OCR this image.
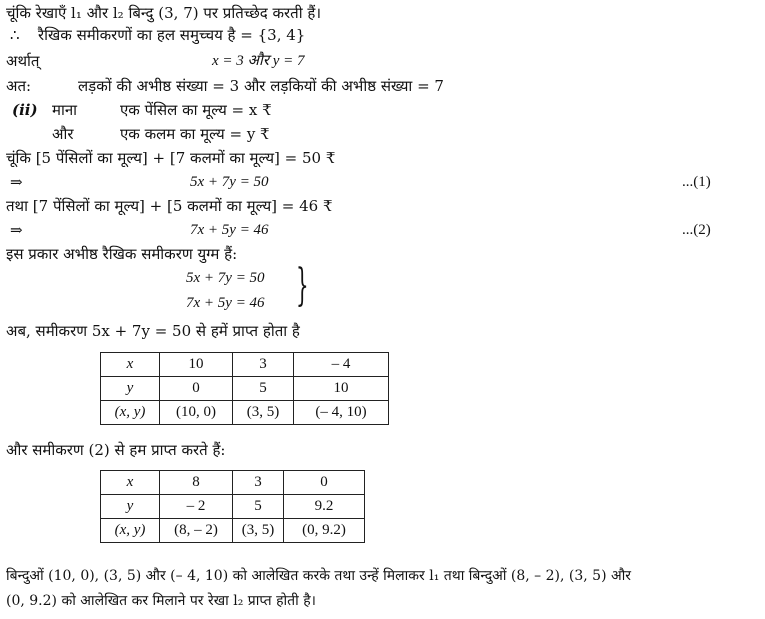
चूंकि रेखाएँ l₁ और l₂ बिन्दु (3, 7) पर प्रतिच्छेद करती हैं।
∴ रैखिक समीकरणों का हल समुच्चय है = {3, 4}
अर्थात्	x = 3 और y = 7
अत:	लड़कों की अभीष्ठ संख्या = 3 और लड़कियों की अभीष्ठ संख्या = 7
(ii) माना	एक पेंसिल का मूल्य = x ₹
और	एक कलम का मूल्य = y ₹
चूंकि [5 पेंसिलों का मूल्य] + [7 कलमों का मूल्य] = 50 ₹
⇒	5x + 7y = 50	...(1)
तथा [7 पेंसिलों का मूल्य] + [5 कलमों का मूल्य] = 46 ₹
⇒	7x + 5y = 46	...(2)
इस प्रकार अभीष्ठ रैखिक समीकरण युग्म हैं:
5x + 7y = 50
7x + 5y = 46 }
अब, समीकरण 5x + 7y = 50 से हमें प्राप्त होता है
x	10	3	– 4
y	0	5	10
(x, y)	(10, 0)	(3, 5)	(– 4, 10)
और समीकरण (2) से हम प्राप्त करते हैं:
x	8	3	0
y	– 2	5	9.2
(x, y)	(8, – 2)	(3, 5)	(0, 9.2)
बिन्दुओं (10, 0), (3, 5) और (– 4, 10) को आलेखित करके तथा उन्हें मिलाकर l₁ तथा बिन्दुओं (8, – 2), (3, 5) और
(0, 9.2) को आलेखित कर मिलाने पर रेखा l₂ प्राप्त होती है।
